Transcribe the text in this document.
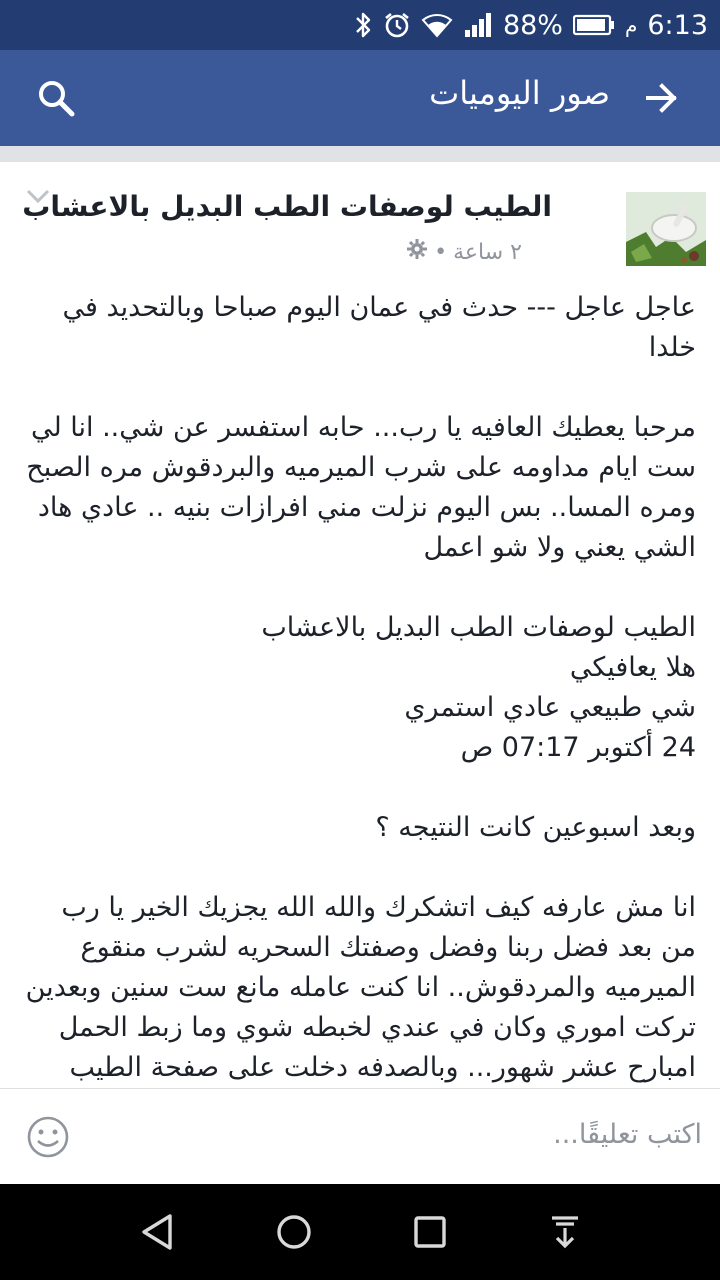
88%	م 6:13
صور اليوميات
الطيب لوصفات الطب البديل بالاعشاب
٢ ساعة
•

عاجل عاجل --- حدث في عمان اليوم صباحا وبالتحديد في
خلدا

مرحبا يعطيك العافيه يا رب... حابه استفسر عن شي.. انا لي
ست ايام مداومه على شرب الميرميه والبردقوش مره الصبح
ومره المسا.. بس اليوم نزلت مني افرازات بنيه .. عادي هاد
الشي يعني ولا شو اعمل

الطيب لوصفات الطب البديل بالاعشاب
هلا يعافيكي
شي طبيعي عادي استمري
24 أكتوبر 07:17 ص

وبعد اسبوعين كانت النتيجه ؟

انا مش عارفه كيف اتشكرك والله الله يجزيك الخير يا رب
من بعد فضل ربنا وفضل وصفتك السحريه لشرب منقوع
الميرميه والمردقوش.. انا كنت عامله مانع ست سنين وبعدين
تركت اموري وكان في عندي لخبطه شوي وما زبط الحمل
امبارح عشر شهور... وبالصدفه دخلت على صفحة الطيب

اكتب تعليقًا...
